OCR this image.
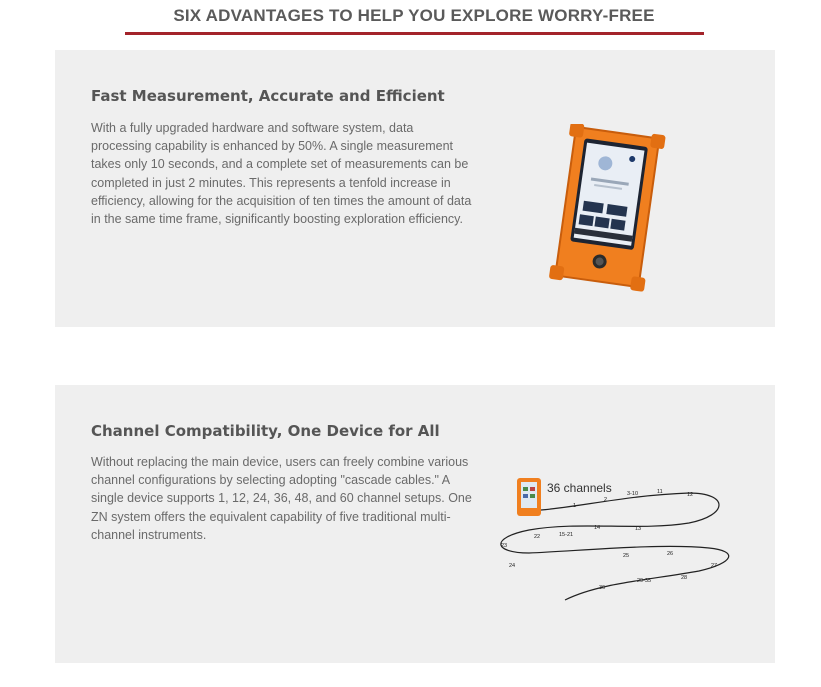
SIX ADVANTAGES TO HELP YOU EXPLORE WORRY-FREE
Fast Measurement, Accurate and Efficient

With a fully upgraded hardware and software system, data processing capability is enhanced by 50%. A single measurement takes only 10 seconds, and a complete set of measurements can be completed in just 2 minutes. This represents a tenfold increase in efficiency, allowing for the acquisition of ten times the amount of data in the same time frame, significantly boosting exploration efficiency.

Channel Compatibility, One Device for All

Without replacing the main device, users can freely combine various channel configurations by selecting adopting "cascade cables." A single device supports 1, 12, 24, 36, 48, and 60 channel setups. One ZN system offers the equivalent capability of five traditional multi-channel instruments.

36 channels
1
2
3-10	11	12
13
14
15-21
22
23
24
25	26
27
28
29-35
36
